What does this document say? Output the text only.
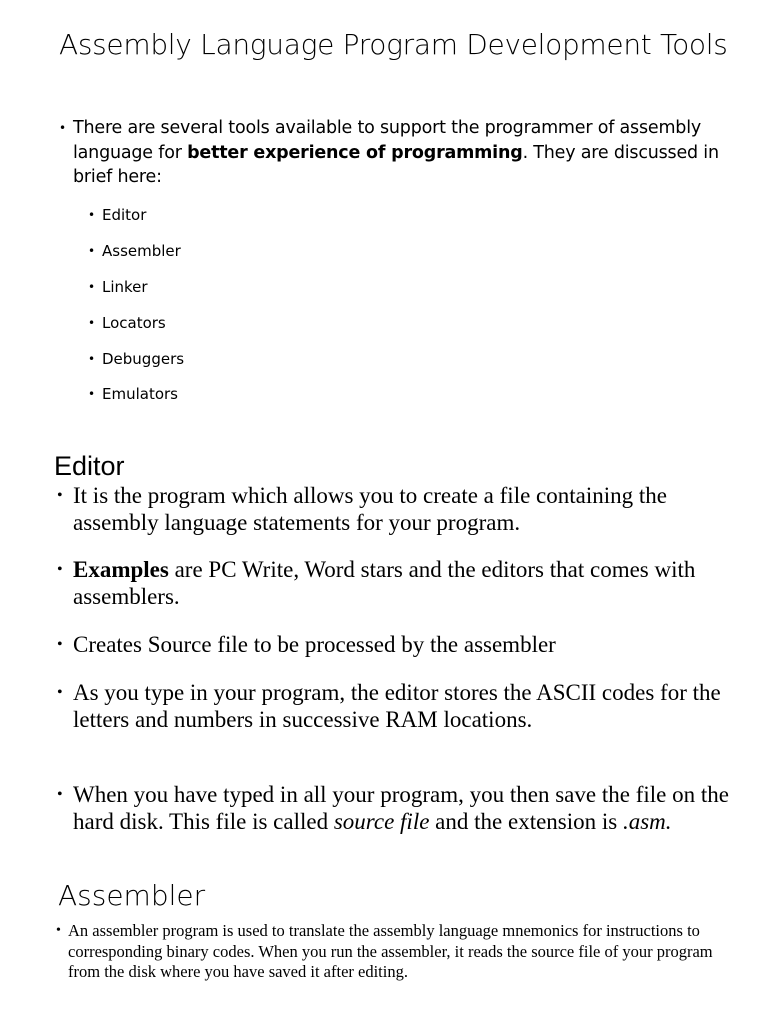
Assembly Language Program Development Tools
• There are several tools available to support the programmer of assembly language for better experience of programming. They are discussed in brief here:
• Editor
• Assembler
• Linker
• Locators
• Debuggers
• Emulators
Editor
• It is the program which allows you to create a file containing the assembly language statements for your program.
• Examples are PC Write, Word stars and the editors that comes with assemblers.
• Creates Source file to be processed by the assembler
• As you type in your program, the editor stores the ASCII codes for the letters and numbers in successive RAM locations.
• When you have typed in all your program, you then save the file on the hard disk. This file is called source file and the extension is .asm.
Assembler
• An assembler program is used to translate the assembly language mnemonics for instructions to corresponding binary codes. When you run the assembler, it reads the source file of your program from the disk where you have saved it after editing.
